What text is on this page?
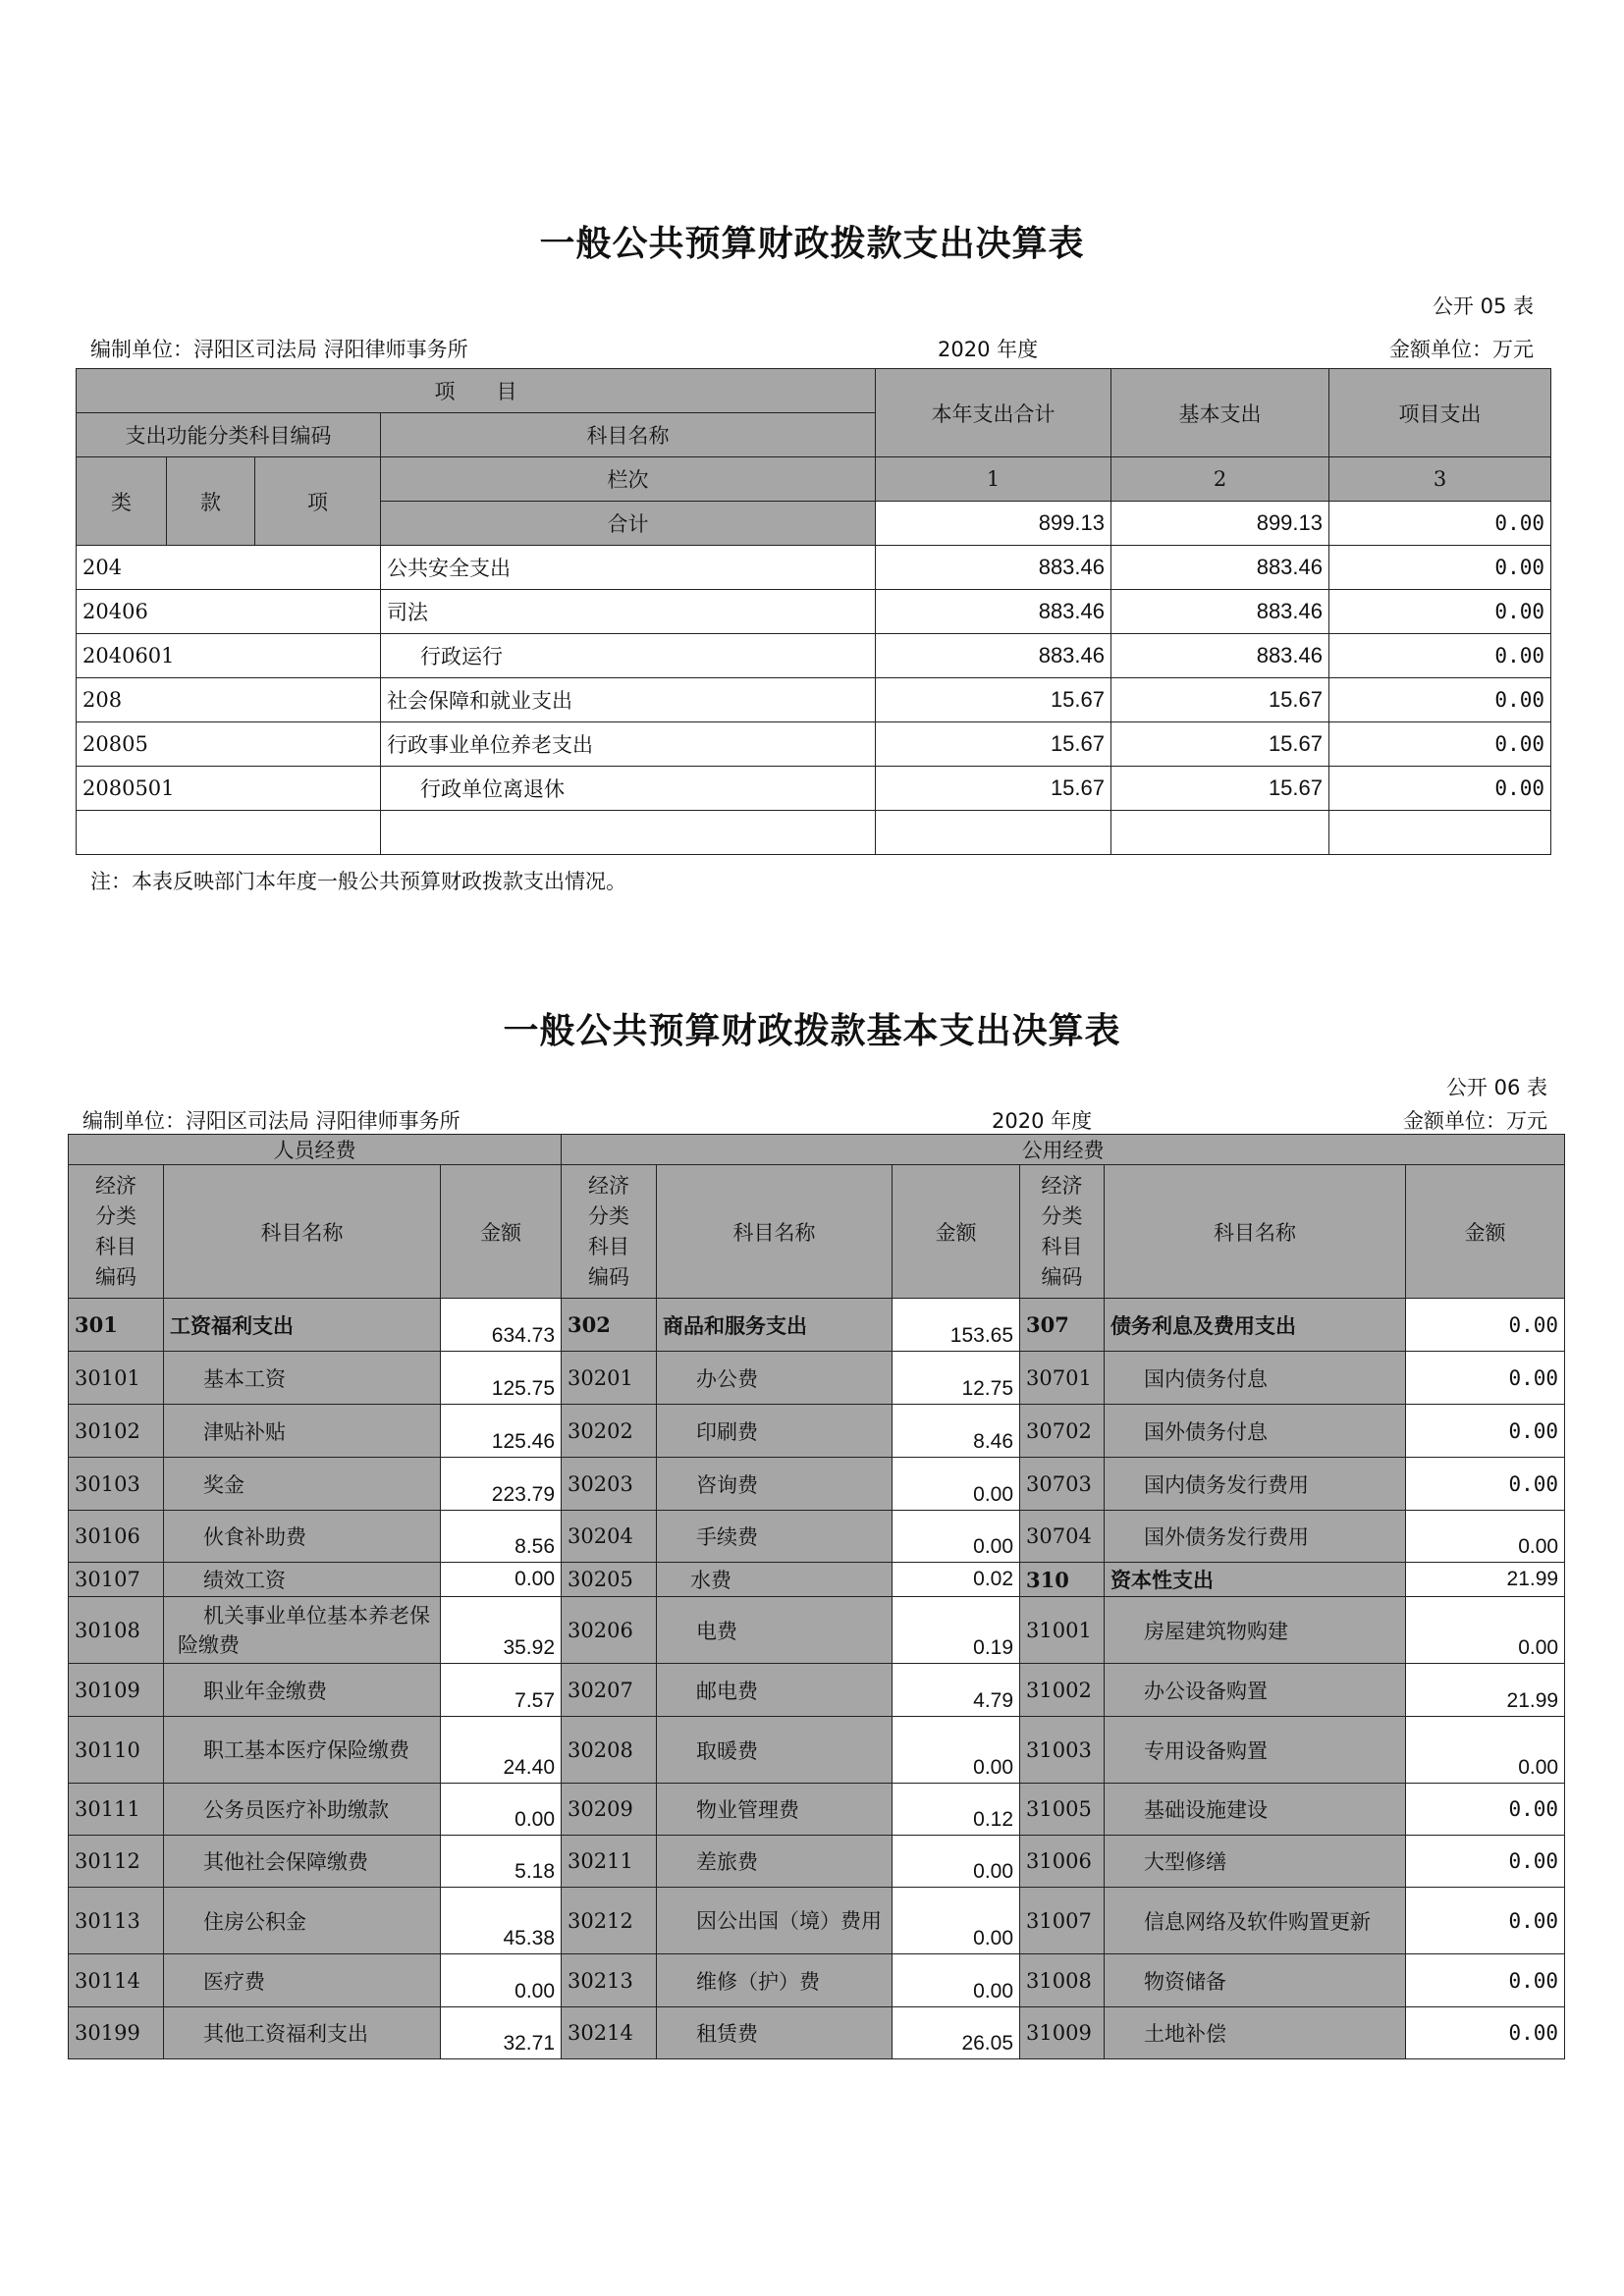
一般公共预算财政拨款支出决算表
公开 05 表
编制单位：浔阳区司法局 浔阳律师事务所	2020 年度	金额单位：万元
项　　目				本年支出合计	基本支出	项目支出
支出功能分类科目编码			科目名称			
类	款	项	栏次	1	2	3
			合计	899.13	899.13	0.00
204			公共安全支出	883.46	883.46	0.00
20406			司法	883.46	883.46	0.00
2040601			行政运行	883.46	883.46	0.00
208			社会保障和就业支出	15.67	15.67	0.00
20805			行政事业单位养老支出	15.67	15.67	0.00
2080501			行政单位离退休	15.67	15.67	0.00

注：本表反映部门本年度一般公共预算财政拨款支出情况。
一般公共预算财政拨款基本支出决算表
公开 06 表
编制单位：浔阳区司法局 浔阳律师事务所	2020 年度	金额单位：万元
人员经费			公用经费					
经济
分类
科目
编码	科目名称	金额	经济
分类
科目
编码	科目名称	金额	经济
分类
科目
编码	科目名称	金额
301	工资福利支出	634.73	302	商品和服务支出	153.65	307	债务利息及费用支出	0.00
30101	基本工资	125.75	30201	办公费	12.75	30701	国内债务付息	0.00
30102	津贴补贴	125.46	30202	印刷费	8.46	30702	国外债务付息	0.00
30103	奖金	223.79	30203	咨询费	0.00	30703	国内债务发行费用	0.00
30106	伙食补助费	8.56	30204	手续费	0.00	30704	国外债务发行费用	0.00
30107	绩效工资	0.00	30205	水费	0.02	310	资本性支出	21.99
30108	机关事业单位基本养老保险缴费	35.92	30206	电费	0.19	31001	房屋建筑物购建	0.00
30109	职业年金缴费	7.57	30207	邮电费	4.79	31002	办公设备购置	21.99
30110	职工基本医疗保险缴费	24.40	30208	取暖费	0.00	31003	专用设备购置	0.00
30111	公务员医疗补助缴款	0.00	30209	物业管理费	0.12	31005	基础设施建设	0.00
30112	其他社会保障缴费	5.18	30211	差旅费	0.00	31006	大型修缮	0.00
30113	住房公积金	45.38	30212	因公出国（境）费用	0.00	31007	信息网络及软件购置更新	0.00
30114	医疗费	0.00	30213	维修（护）费	0.00	31008	物资储备	0.00
30199	其他工资福利支出	32.71	30214	租赁费	26.05	31009	土地补偿	0.00
